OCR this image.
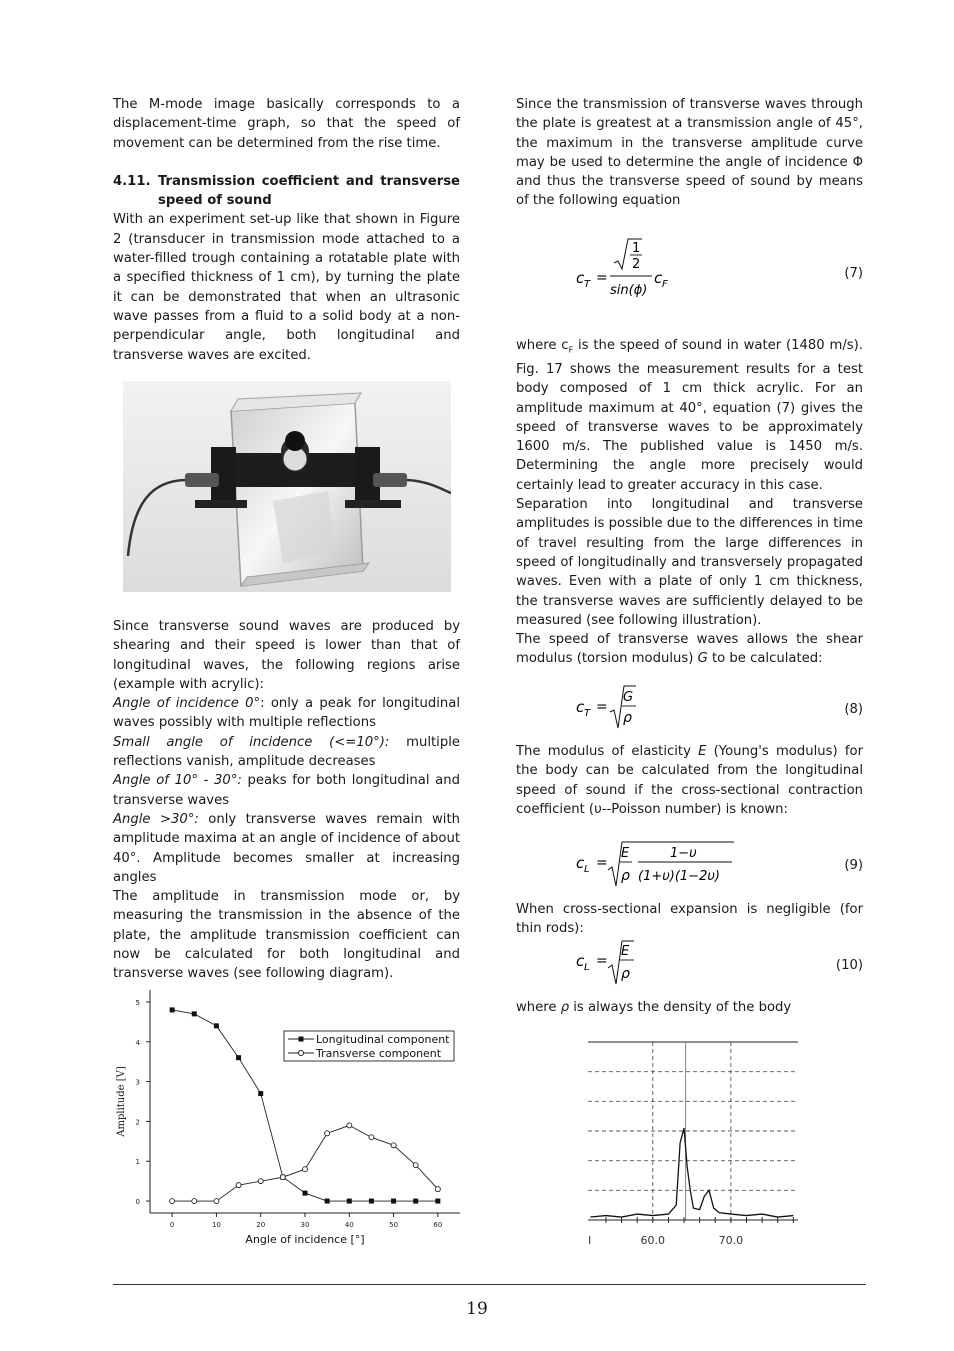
The M-mode image basically corresponds to a displacement-time graph, so that the speed of movement can be determined from the rise time.

4.11. Transmission coefficient and transverse speed of sound

With an experiment set-up like that shown in Figure 2 (transducer in transmission mode attached to a water-filled trough containing a rotatable plate with a specified thickness of 1 cm), by turning the plate it can be demonstrated that when an ultrasonic wave passes from a fluid to a solid body at a non-perpendicular angle, both longitudinal and transverse waves are excited.

Since transverse sound waves are produced by shearing and their speed is lower than that of longitudinal waves, the following regions arise (example with acrylic):

Angle of incidence 0°: only a peak for longitudinal waves possibly with multiple reflections

Small angle of incidence (<=10°): multiple reflections vanish, amplitude decreases

Angle of 10° - 30°: peaks for both longitudinal and transverse waves

Angle >30°: only transverse waves remain with amplitude maxima at an angle of incidence of about 40°. Amplitude becomes smaller at increasing angles

The amplitude in transmission mode or, by measuring the transmission in the absence of the plate, the amplitude transmission coefficient can now be calculated for both longitudinal and transverse waves (see following diagram).

0
1
2
3
4
5
0	10	20	30	40	50	60
Angle of incidence [°]
Amplitude [V]
Longitudinal component
Transverse component

Since the transmission of transverse waves through the plate is greatest at a transmission angle of 45°, the maximum in the transverse amplitude curve may be used to determine the angle of incidence Φ and thus the transverse speed of sound by means of the following equation

c T =
1
2
sin(ϕ)
c F
(7)

where $c_F$ is the speed of sound in water (1480 m/s). Fig. 17 shows the measurement results for a test body composed of 1 cm thick acrylic. For an amplitude maximum at 40°, equation (7) gives the speed of transverse waves to be approximately 1600 m/s. The published value is 1450 m/s. Determining the angle more precisely would certainly lead to greater accuracy in this case.

Separation into longitudinal and transverse amplitudes is possible due to the differences in time of travel resulting from the large differences in speed of longitudinally and transversely propagated waves. Even with a plate of only 1 cm thickness, the transverse waves are sufficiently delayed to be measured (see following illustration).

The speed of transverse waves allows the shear modulus (torsion modulus) G to be calculated:

c T =
G
ρ
(8)

The modulus of elasticity E (Young's modulus) for the body can be calculated from the longitudinal speed of sound if the cross-sectional contraction coefficient (υ--Poisson number) is known:

c L =
E
ρ
1−υ
(1+υ)(1−2υ)
(9)

When cross-sectional expansion is negligible (for thin rods):

c L =
E
ρ
(10)

where ρ is always the density of the body

I	60.0	70.0
19
